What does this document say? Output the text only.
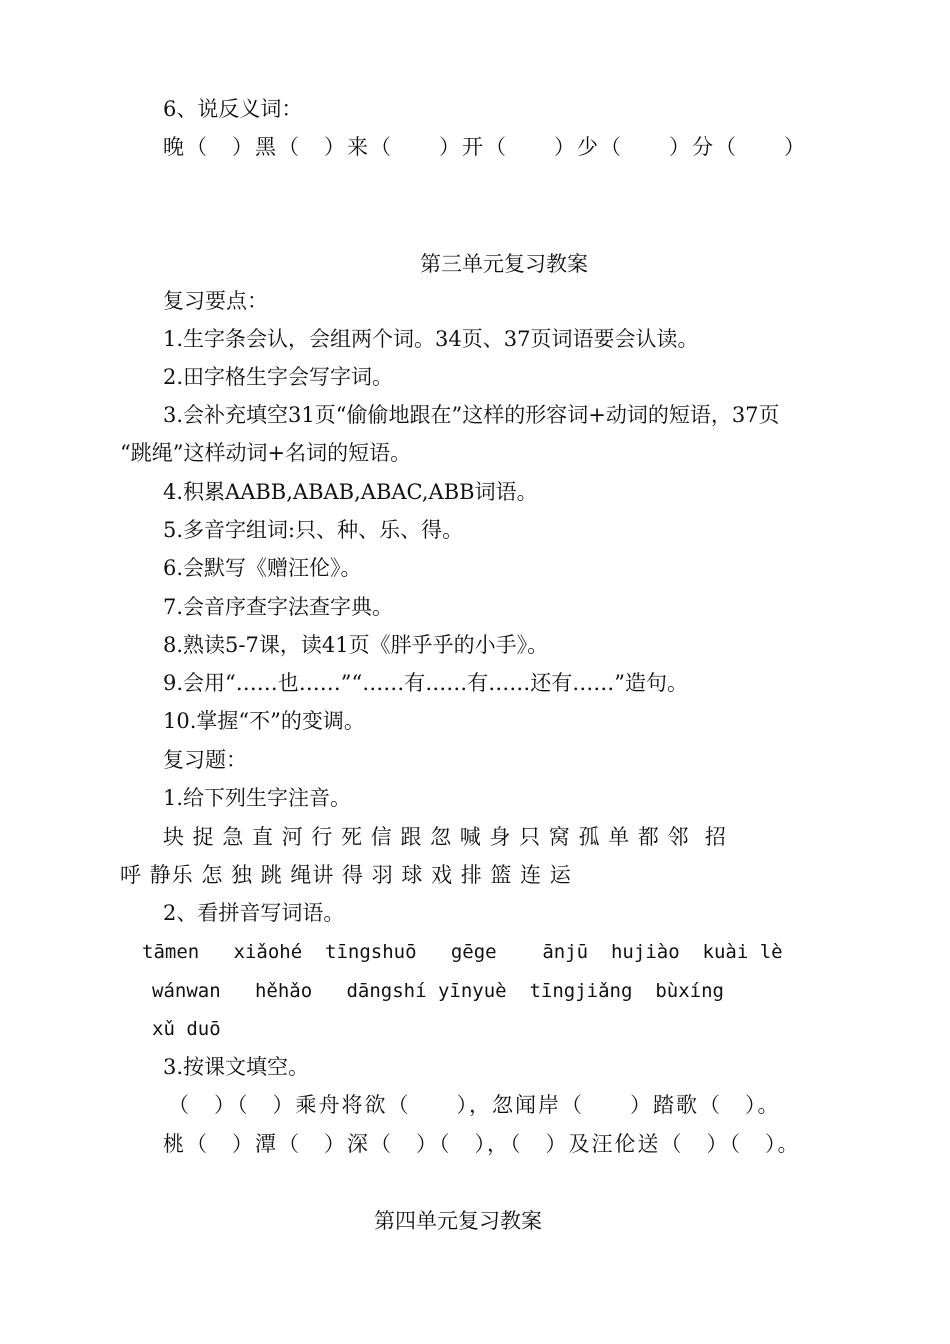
6、说反义词：
晚（　）黑（　）来（　　）开（　　）少（　　）分（　　）
第三单元复习教案
复习要点：
1.生字条会认，会组两个词。34页、37页词语要会认读。
2.田字格生字会写字词。
3.会补充填空31页“偷偷地跟在”这样的形容词+动词的短语，37页
“跳绳”这样动词+名词的短语。
4.积累AABB,ABAB,ABAC,ABB词语。
5.多音字组词:只、种、乐、得。
6.会默写《赠汪伦》。
7.会音序查字法查字典。
8.熟读5-7课，读41页《胖乎乎的小手》。
9.会用“……也……”“……有……有……还有……”造句。
10.掌握“不”的变调。
复习题：
1.给下列生字注音。
块 捉 急 直 河 行 死 信 跟 忽 喊 身 只 窝 孤 单 都 邻  招
呼 静乐 怎 独 跳 绳讲 得 羽 球 戏 排 篮 连 运
2、看拼音写词语。
tāmen   xiǎohé  tīngshuō   gēge    ānjū  hujiào  kuài lè
wánwan   hěhǎo   dāngshí yīnyuè  tīngjiǎng  bùxíng
xǔ duō
3.按课文填空。
（　）（　）乘舟将欲（　　），忽闻岸（　　）踏歌（　）。
桃（　）潭（　）深（　）（　），（　）及汪伦送（　）（　）。
第四单元复习教案
